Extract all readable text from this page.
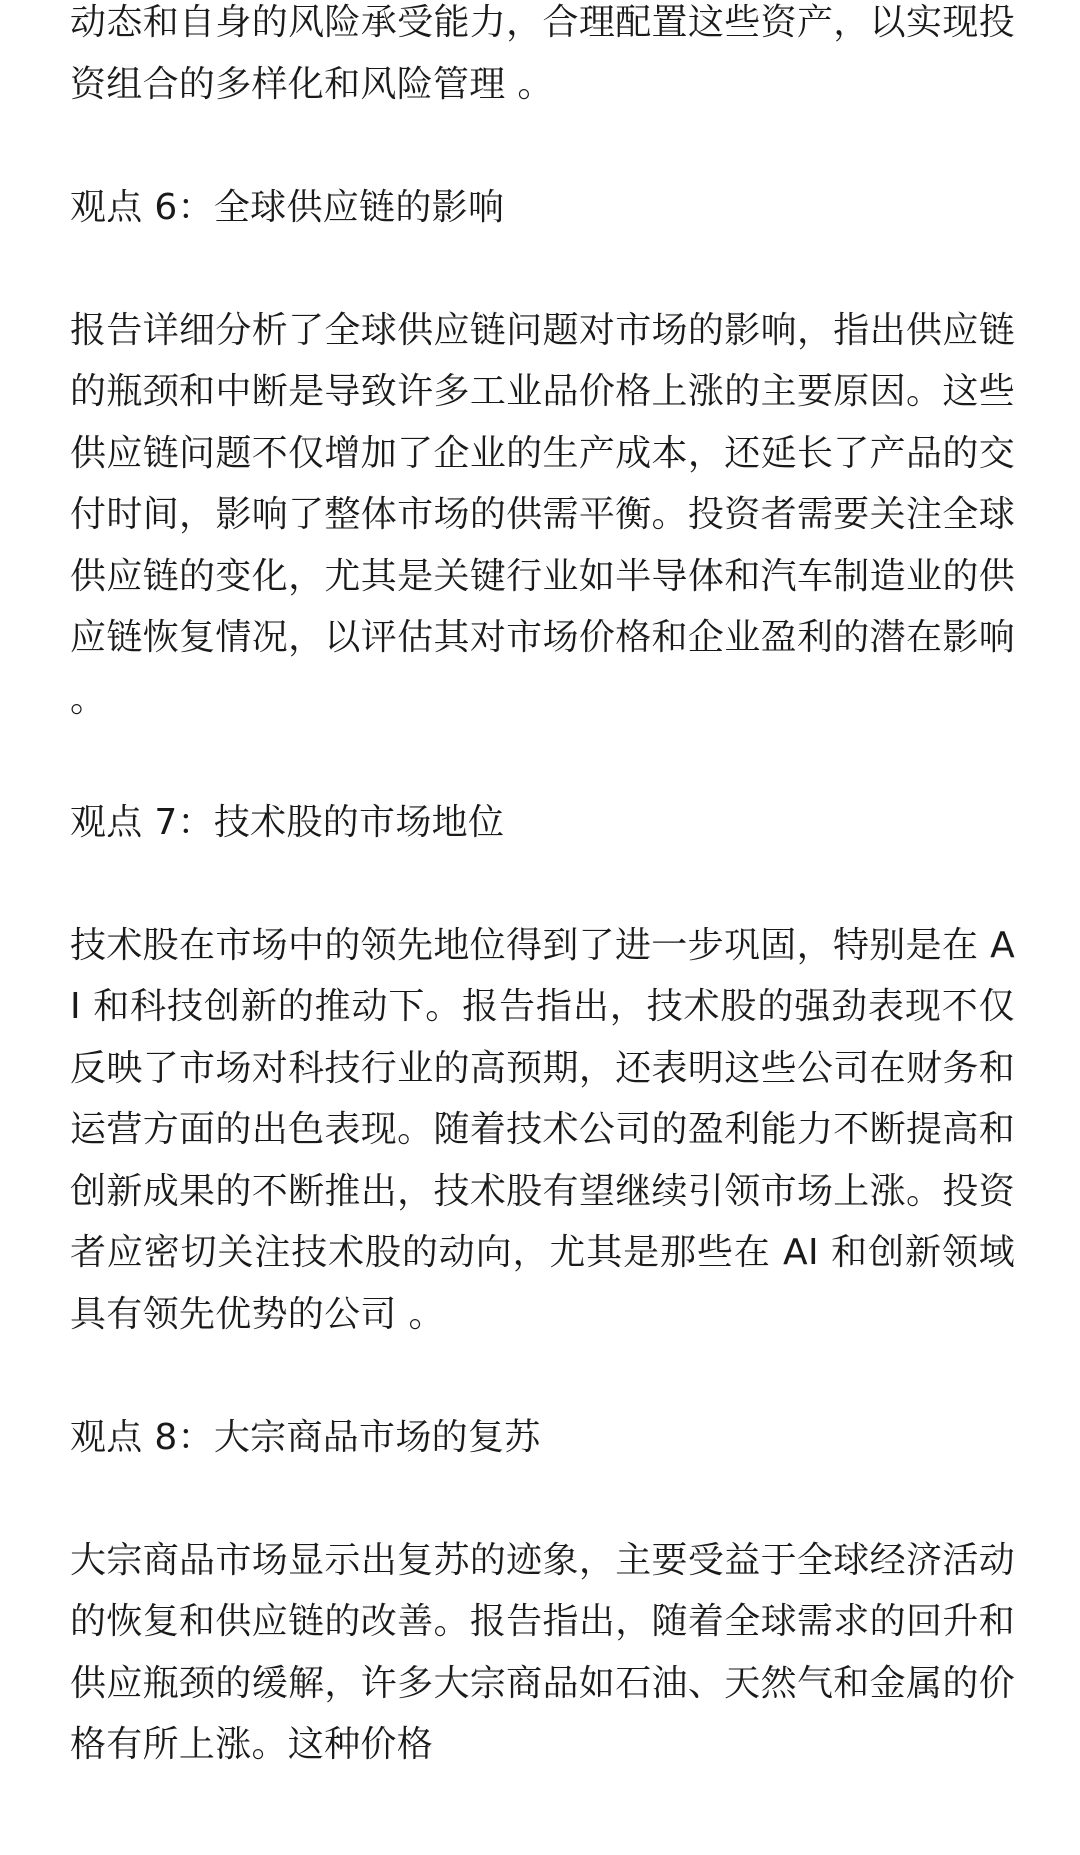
动态和自身的风险承受能力，合理配置这些资产，以实现投资组合的多样化和风险管理 。

观点 6：全球供应链的影响

报告详细分析了全球供应链问题对市场的影响，指出供应链的瓶颈和中断是导致许多工业品价格上涨的主要原因。这些供应链问题不仅增加了企业的生产成本，还延长了产品的交付时间，影响了整体市场的供需平衡。投资者需要关注全球供应链的变化，尤其是关键行业如半导体和汽车制造业的供应链恢复情况，以评估其对市场价格和企业盈利的潜在影响 。

观点 7：技术股的市场地位

技术股在市场中的领先地位得到了进一步巩固，特别是在 AI 和科技创新的推动下。报告指出，技术股的强劲表现不仅反映了市场对科技行业的高预期，还表明这些公司在财务和运营方面的出色表现。随着技术公司的盈利能力不断提高和创新成果的不断推出，技术股有望继续引领市场上涨。投资者应密切关注技术股的动向，尤其是那些在 AI 和创新领域具有领先优势的公司 。

观点 8：大宗商品市场的复苏

大宗商品市场显示出复苏的迹象，主要受益于全球经济活动的恢复和供应链的改善。报告指出，随着全球需求的回升和供应瓶颈的缓解，许多大宗商品如石油、天然气和金属的价格有所上涨。这种价格
